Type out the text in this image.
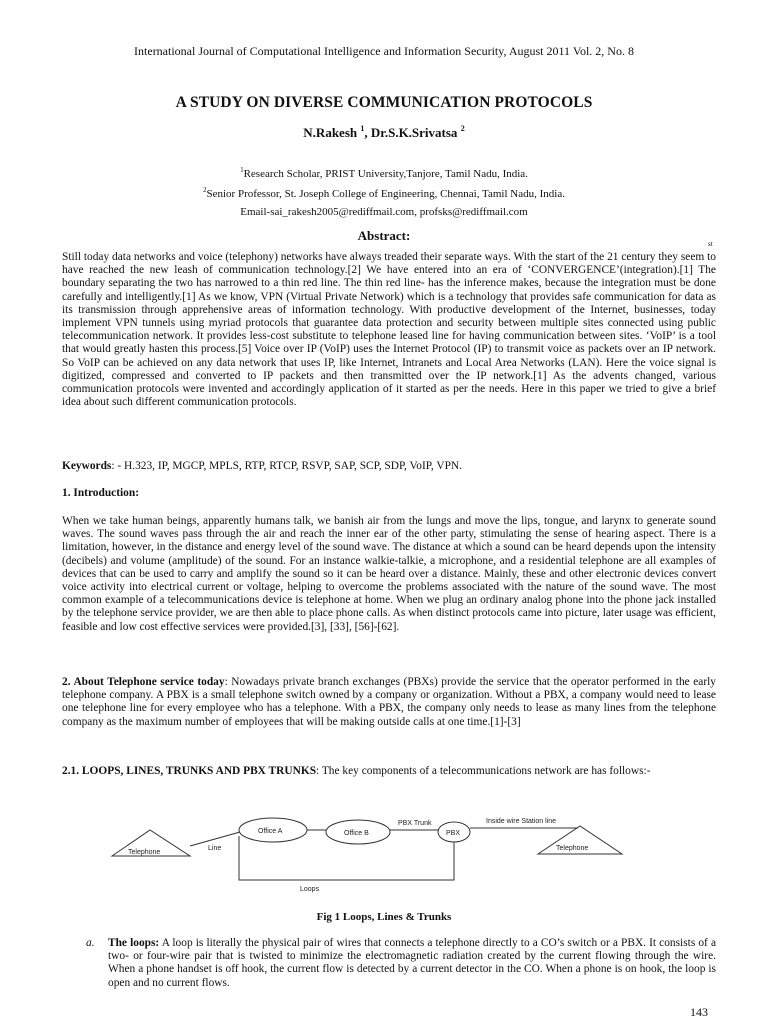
International Journal of Computational Intelligence and Information Security, August 2011 Vol. 2, No. 8
A STUDY ON DIVERSE COMMUNICATION PROTOCOLS
N.Rakesh $^1$, Dr.S.K.Srivatsa $^2$
$^1$Research Scholar, PRIST University,Tanjore, Tamil Nadu, India.
$^2$Senior Professor, St. Joseph College of Engineering, Chennai, Tamil Nadu, India.
Email-sai_rakesh2005@rediffmail.com, profsks@rediffmail.com
Abstract:
st
Still today data networks and voice (telephony) networks have always treaded their separate ways. With the start of the 21 century they seem to have reached the new leash of communication technology.[2] We have entered into an era of ‘CONVERGENCE’(integration).[1] The boundary separating the two has narrowed to a thin red line. The thin red line- has the inference makes, because the integration must be done carefully and intelligently.[1] As we know, VPN (Virtual Private Network) which is a technology that provides safe communication for data as its transmission through apprehensive areas of information technology. With productive development of the Internet, businesses, today implement VPN tunnels using myriad protocols that guarantee data protection and security between multiple sites connected using public telecommunication network. It provides less-cost substitute to telephone leased line for having communication between sites. ‘VoIP’ is a tool that would greatly hasten this process.[5] Voice over IP (VoIP) uses the Internet Protocol (IP) to transmit voice as packets over an IP network. So VoIP can be achieved on any data network that uses IP, like Internet, Intranets and Local Area Networks (LAN). Here the voice signal is digitized, compressed and converted to IP packets and then transmitted over the IP network.[1] As the advents changed, various communication protocols were invented and accordingly application of it started as per the needs. Here in this paper we tried to give a brief idea about such different communication protocols.
Keywords: - H.323, IP, MGCP, MPLS, RTP, RTCP, RSVP, SAP, SCP, SDP, VoIP, VPN.
1. Introduction:
When we take human beings, apparently humans talk, we banish air from the lungs and move the lips, tongue, and larynx to generate sound waves. The sound waves pass through the air and reach the inner ear of the other party, stimulating the sense of hearing aspect. There is a limitation, however, in the distance and energy level of the sound wave. The distance at which a sound can be heard depends upon the intensity (decibels) and volume (amplitude) of the sound. For an instance walkie-talkie, a microphone, and a residential telephone are all examples of devices that can be used to carry and amplify the sound so it can be heard over a distance. Mainly, these and other electronic devices convert voice activity into electrical current or voltage, helping to overcome the problems associated with the nature of the sound wave. The most common example of a telecommunications device is telephone at home. When we plug an ordinary analog phone into the phone jack installed by the telephone service provider, we are then able to place phone calls. As when distinct protocols came into picture, later usage was efficient, feasible and low cost effective services were provided.[3], [33], [56]-[62].
2. About Telephone service today: Nowadays private branch exchanges (PBXs) provide the service that the operator performed in the early telephone company. A PBX is a small telephone switch owned by a company or organization. Without a PBX, a company would need to lease one telephone line for every employee who has a telephone. With a PBX, the company only needs to lease as many lines from the telephone company as the maximum number of employees that will be making outside calls at one time.[1]-[3]
2.1. LOOPS, LINES, TRUNKS AND PBX TRUNKS: The key components of a telecommunications network are has follows:-
Telephone
Line
Office A	Office B
PBX Trunk
PBX
Inside wire Station line
Telephone
Loops
Fig 1 Loops, Lines & Trunks
a. The loops: A loop is literally the physical pair of wires that connects a telephone directly to a CO’s switch or a PBX. It consists of a two- or four-wire pair that is twisted to minimize the electromagnetic radiation created by the current flowing through the wire. When a phone handset is off hook, the current flow is detected by a current detector in the CO. When a phone is on hook, the loop is open and no current flows.
143
